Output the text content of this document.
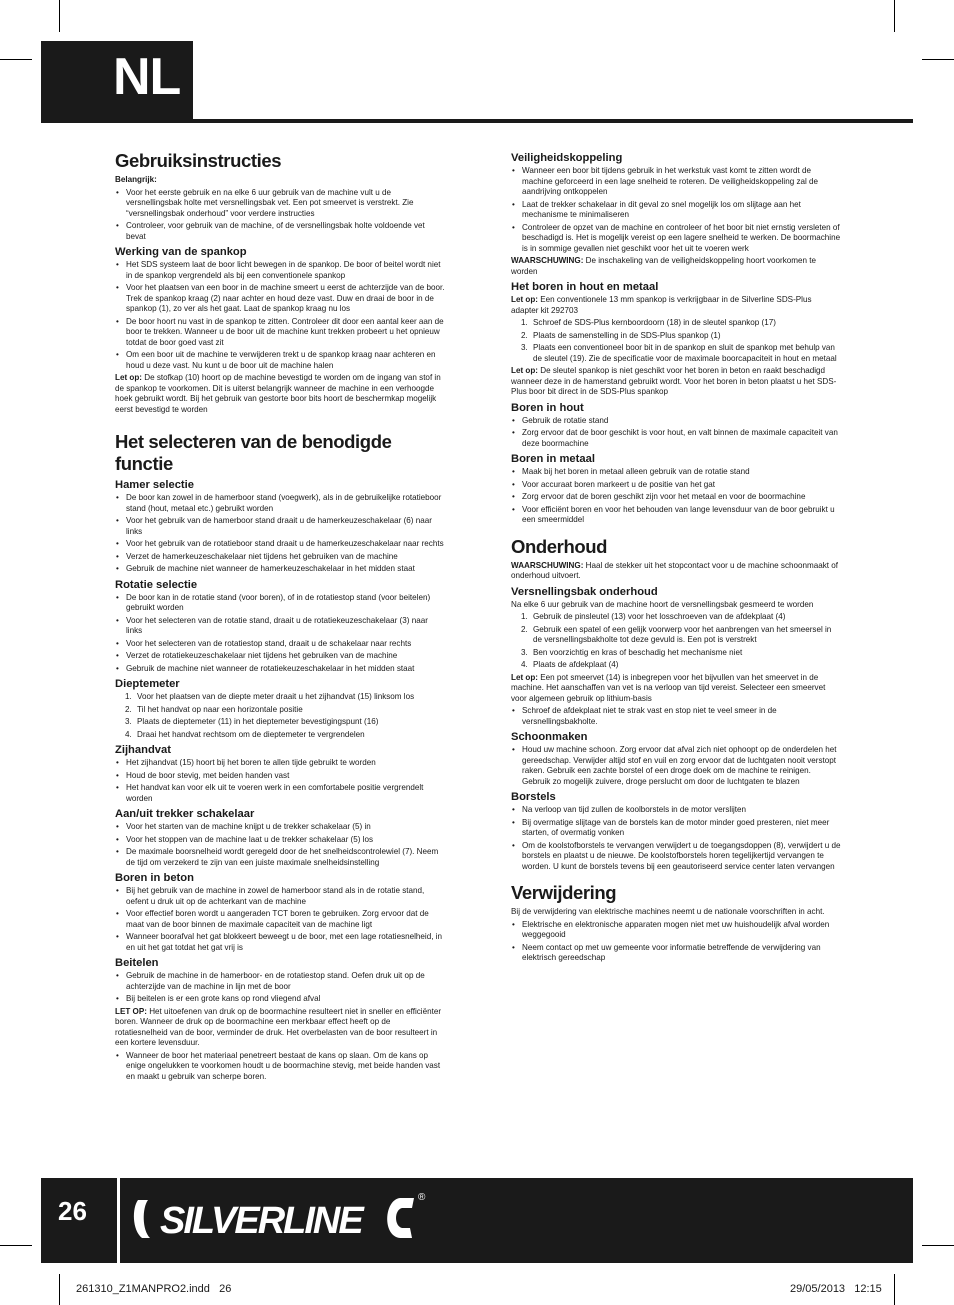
NL
Gebruiksinstructies

Belangrijk:

• Voor het eerste gebruik en na elke 6 uur gebruik van de machine vult u de versnellingsbak holte met versnellingsbak vet. Een pot smeervet is verstrekt. Zie “versnellingsbak onderhoud” voor verdere instructies
• Controleer, voor gebruik van de machine, of de versnellingsbak holte voldoende vet bevat
Werking van de spankop
• Het SDS systeem laat de boor licht bewegen in de spankop. De boor of beitel wordt niet in de spankop vergrendeld als bij een conventionele spankop
• Voor het plaatsen van een boor in de machine smeert u eerst de achterzijde van de boor. Trek de spankop kraag (2) naar achter en houd deze vast. Duw en draai de boor in de spankop (1), zo ver als het gaat. Laat de spankop kraag nu los
• De boor hoort nu vast in de spankop te zitten. Controleer dit door een aantal keer aan de boor te trekken. Wanneer u de boor uit de machine kunt trekken probeert u het opnieuw totdat de boor goed vast zit
• Om een boor uit de machine te verwijderen trekt u de spankop kraag naar achteren en houd u deze vast. Nu kunt u de boor uit de machine halen

Let op: De stofkap (10) hoort op de machine bevestigd te worden om de ingang van stof in de spankop te voorkomen. Dit is uiterst belangrijk wanneer de machine in een verhoogde hoek gebruikt wordt. Bij het gebruik van gestorte boor bits hoort de beschermkap mogelijk eerst bevestigd te worden

Het selecteren van de benodigde functie
Hamer selectie
• De boor kan zowel in de hamerboor stand (voegwerk), als in de gebruikelijke rotatieboor stand (hout, metaal etc.) gebruikt worden
• Voor het gebruik van de hamerboor stand draait u de hamerkeuzeschakelaar (6) naar links
• Voor het gebruik van de rotatieboor stand draait u de hamerkeuzeschakelaar naar rechts
• Verzet de hamerkeuzeschakelaar niet tijdens het gebruiken van de machine
• Gebruik de machine niet wanneer de hamerkeuzeschakelaar in het midden staat
Rotatie selectie
• De boor kan in de rotatie stand (voor boren), of in de rotatiestop stand (voor beitelen) gebruikt worden
• Voor het selecteren van de rotatie stand, draait u de rotatiekeuzeschakelaar (3) naar links
• Voor het selecteren van de rotatiestop stand, draait u de schakelaar naar rechts
• Verzet de rotatiekeuzeschakelaar niet tijdens het gebruiken van de machine
• Gebruik de machine niet wanneer de rotatiekeuzeschakelaar in het midden staat
Dieptemeter
1. Voor het plaatsen van de diepte meter draait u het zijhandvat (15) linksom los
2. Til het handvat op naar een horizontale positie
3. Plaats de dieptemeter (11) in het dieptemeter bevestigingspunt (16)
4. Draai het handvat rechtsom om de dieptemeter te vergrendelen
Zijhandvat
• Het zijhandvat (15) hoort bij het boren te allen tijde gebruikt te worden
• Houd de boor stevig, met beiden handen vast
• Het handvat kan voor elk uit te voeren werk in een comfortabele positie vergrendelt worden
Aan/uit trekker schakelaar
• Voor het starten van de machine knijpt u de trekker schakelaar (5) in
• Voor het stoppen van de machine laat u de trekker schakelaar (5) los
• De maximale boorsnelheid wordt geregeld door de het snelheidscontrolewiel (7). Neem de tijd om verzekerd te zijn van een juiste maximale snelheidsinstelling
Boren in beton
• Bij het gebruik van de machine in zowel de hamerboor stand als in de rotatie stand, oefent u druk uit op de achterkant van de machine
• Voor effectief boren wordt u aangeraden TCT boren te gebruiken. Zorg ervoor dat de maat van de boor binnen de maximale capaciteit van de machine ligt
• Wanneer boorafval het gat blokkeert beweegt u de boor, met een lage rotatiesnelheid, in en uit het gat totdat het gat vrij is
Beitelen
• Gebruik de machine in de hamerboor- en de rotatiestop stand. Oefen druk uit op de achterzijde van de machine in lijn met de boor
• Bij beitelen is er een grote kans op rond vliegend afval

LET OP: Het uitoefenen van druk op de boormachine resulteert niet in sneller en efficiënter boren. Wanneer de druk op de boormachine een merkbaar effect heeft op de rotatiesnelheid van de boor, verminder de druk. Het overbelasten van de boor resulteert in een kortere levensduur.

• Wanneer de boor het materiaal penetreert bestaat de kans op slaan. Om de kans op enige ongelukken te voorkomen houdt u de boormachine stevig, met beide handen vast en maakt u gebruik van scherpe boren.
Veiligheidskoppeling
• Wanneer een boor bit tijdens gebruik in het werkstuk vast komt te zitten wordt de machine geforceerd in een lage snelheid te roteren. De veiligheidskoppeling zal de aandrijving ontkoppelen
• Laat de trekker schakelaar in dit geval zo snel mogelijk los om slijtage aan het mechanisme te minimaliseren
• Controleer de opzet van de machine en controleer of het boor bit niet ernstig versleten of beschadigd is. Het is mogelijk vereist op een lagere snelheid te werken. De boormachine is in sommige gevallen niet geschikt voor het uit te voeren werk

WAARSCHUWING: De inschakeling van de veiligheidskoppeling hoort voorkomen te worden

Het boren in hout en metaal

Let op: Een conventionele 13 mm spankop is verkrijgbaar in de Silverline SDS-Plus adapter kit 292703

1. Schroef de SDS-Plus kernboordoorn (18) in de sleutel spankop (17)
2. Plaats de samenstelling in de SDS-Plus spankop (1)
3. Plaats een conventioneel boor bit in de spankop en sluit de spankop met behulp van de sleutel (19). Zie de specificatie voor de maximale boorcapaciteit in hout en metaal

Let op: De sleutel spankop is niet geschikt voor het boren in beton en raakt beschadigd wanneer deze in de hamerstand gebruikt wordt. Voor het boren in beton plaatst u het SDS-Plus boor bit direct in de SDS-Plus spankop

Boren in hout
• Gebruik de rotatie stand
• Zorg ervoor dat de boor geschikt is voor hout, en valt binnen de maximale capaciteit van deze boormachine
Boren in metaal
• Maak bij het boren in metaal alleen gebruik van de rotatie stand
• Voor accuraat boren markeert u de positie van het gat
• Zorg ervoor dat de boren geschikt zijn voor het metaal en voor de boormachine
• Voor efficiënt boren en voor het behouden van lange levensduur van de boor gebruikt u een smeermiddel
Onderhoud

WAARSCHUWING: Haal de stekker uit het stopcontact voor u de machine schoonmaakt of onderhoud uitvoert.

Versnellingsbak onderhoud

Na elke 6 uur gebruik van de machine hoort de versnellingsbak gesmeerd te worden

1. Gebruik de pinsleutel (13) voor het losschroeven van de afdekplaat (4)
2. Gebruik een spatel of een gelijk voorwerp voor het aanbrengen van het smeersel in de versnellingsbakholte tot deze gevuld is. Een pot is verstrekt
3. Ben voorzichtig en kras of beschadig het mechanisme niet
4. Plaats de afdekplaat (4)

Let op: Een pot smeervet (14) is inbegrepen voor het bijvullen van het smeervet in de machine. Het aanschaffen van vet is na verloop van tijd vereist. Selecteer een smeervet voor algemeen gebruik op lithium-basis

• Schroef de afdekplaat niet te strak vast en stop niet te veel smeer in de versnellingsbakholte.
Schoonmaken
• Houd uw machine schoon. Zorg ervoor dat afval zich niet ophoopt op de onderdelen het gereedschap. Verwijder altijd stof en vuil en zorg ervoor dat de luchtgaten nooit verstopt raken. Gebruik een zachte borstel of een droge doek om de machine te reinigen. Gebruik zo mogelijk zuivere, droge perslucht om door de luchtgaten te blazen
Borstels
• Na verloop van tijd zullen de koolborstels in de motor verslijten
• Bij overmatige slijtage van de borstels kan de motor minder goed presteren, niet meer starten, of overmatig vonken
• Om de koolstofborstels te vervangen verwijdert u de toegangsdoppen (8), verwijdert u de borstels en plaatst u de nieuwe. De koolstofborstels horen tegelijkertijd vervangen te worden. U kunt de borstels tevens bij een geautoriseerd service center laten vervangen
Verwijdering

Bij de verwijdering van elektrische machines neemt u de nationale voorschriften in acht.

• Elektrische en elektronische apparaten mogen niet met uw huishoudelijk afval worden weggegooid
• Neem contact op met uw gemeente voor informatie betreffende de verwijdering van elektrisch gereedschap
26	SILVERLINE
®
261310_Z1MANPRO2.indd   26	29/05/2013   12:15
